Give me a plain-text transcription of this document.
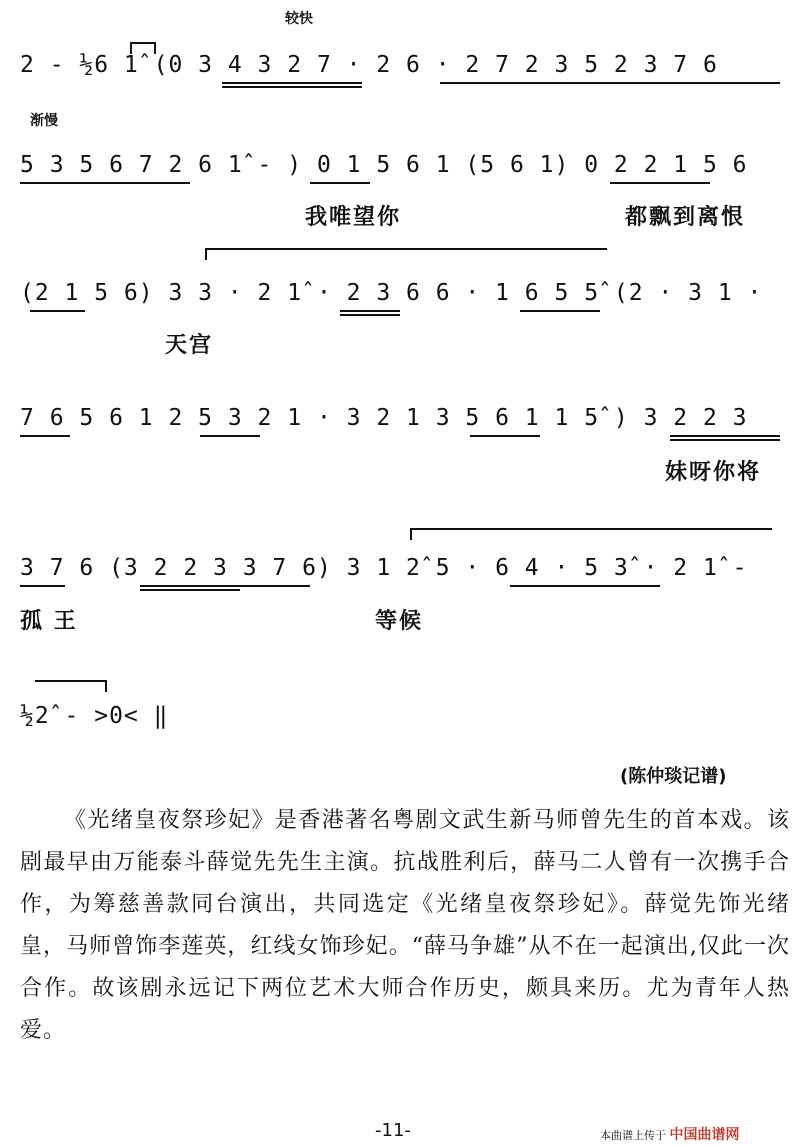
较快
渐慢
2 - ½6 1̂ (0 3 4 3 2 7 · 2 6 · 2 7 2 3 5 2 3 7 6
5 3 5 6 7 2 6 1̂ - ) 0 1 5 6 1 (5 6 1) 0 2 2 1 5 6
我唯望你	都飘到离恨
(2 1 5 6) 3 3 · 2 1̂ · 2 3 6 6 · 1 6 5 5̂ (2 · 3 1 ·
天宫
7 6 5 6 1 2 5 3 2 1 · 3 2 1 3 5 6 1 1 5̂ ) 3 2 2 3
妹呀你将
3 7 6 (3 2 2 3 3 7 6) 3 1 2̂ 5 · 6 4 · 5 3̂ · 2 1̂ -
孤 王	等候
½2̂ - >0< ‖
(陈仲琰记谱)

《光绪皇夜祭珍妃》是香港著名粤剧文武生新马师曾先生的首本戏。该剧最早由万能泰斗薛觉先先生主演。抗战胜利后，薛马二人曾有一次携手合作，为筹慈善款同台演出，共同选定《光绪皇夜祭珍妃》。薛觉先饰光绪皇，马师曾饰李莲英，红线女饰珍妃。“薛马争雄”从不在一起演出,仅此一次合作。故该剧永远记下两位艺术大师合作历史，颇具来历。尤为青年人热爱。

-11-	本曲谱上传于 中国曲谱网
